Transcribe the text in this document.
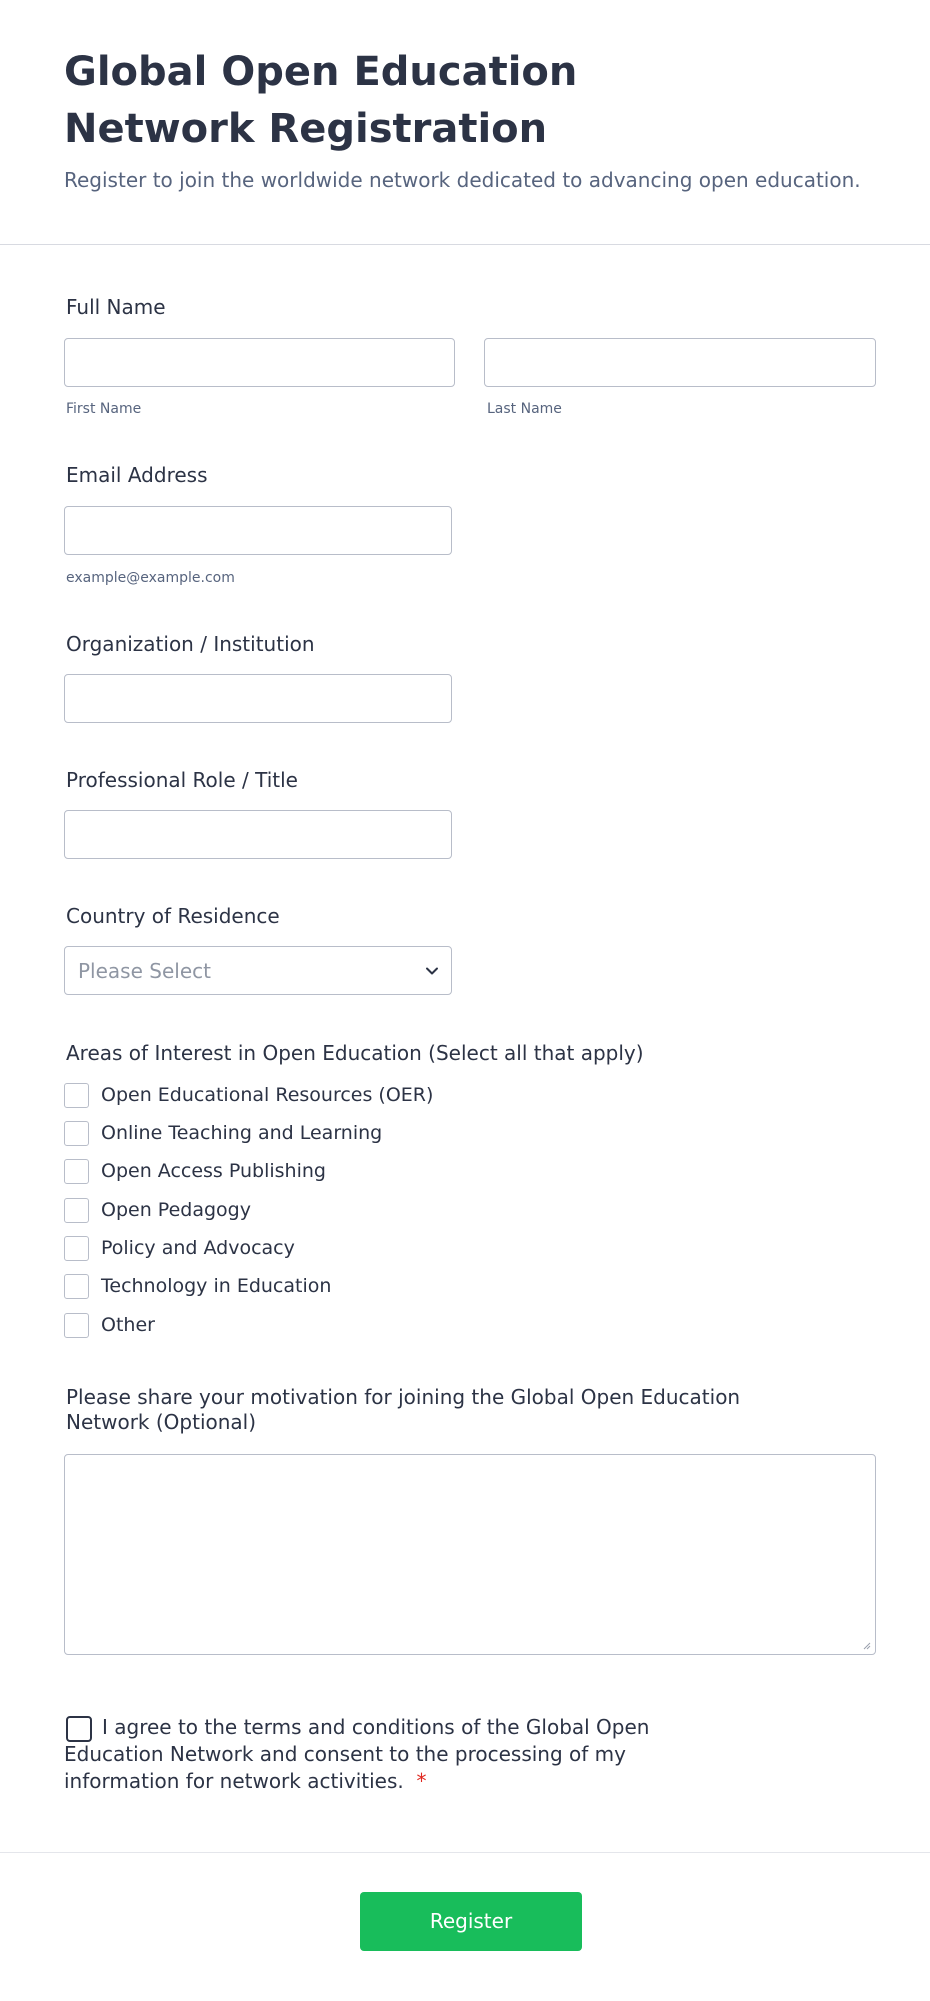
Global Open Education Network Registration
Register to join the worldwide network dedicated to advancing open education.
Full Name
First Name	Last Name
Email Address
example@example.com
Organization / Institution
Professional Role / Title
Country of Residence
Please Select
Areas of Interest in Open Education (Select all that apply)
Open Educational Resources (OER)
Online Teaching and Learning
Open Access Publishing
Open Pedagogy
Policy and Advocacy
Technology in Education
Other
Please share your motivation for joining the Global Open Education Network (Optional)
I agree to the terms and conditions of the Global Open Education Network and consent to the processing of my information for network activities. *
Register
